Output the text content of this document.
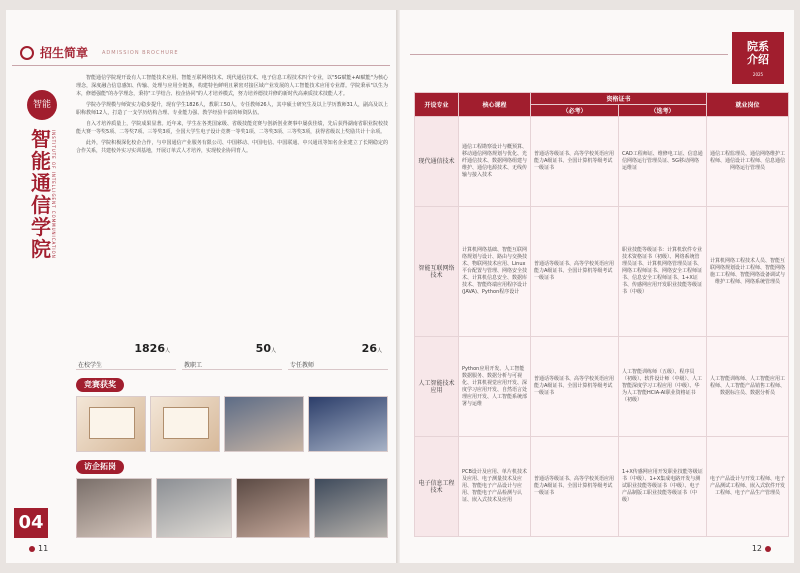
招生简章	ADMISSION BROCHURE
智能
智能通信学院 INSTITUTE OF INTELLIGENT COMMUNICATION
04

智能通信学院现开设有人工智能技术应用、智能互联网络技术、现代通信技术、电子信息工程技术四个专业，以"5G赋能+AI赋能"为核心理念，深度融合信息感知、传输、处理与应用全链条，构建特色鲜明且紧密对接区域产业发展的人工智能技术应用专业群。学院秉承"以生为本，修德强能"的办学理念，秉持"工学结合、校企协同"的人才培养模式，努力培养德技并修的新时代高素质技术技能人才。

学院办学规模与师资实力稳步提升，现有学生1826人，教职工50人，专任教师26人，其中硕士研究生及以上学历教师31人，副高及以上职称教师12人，打造了一支学历结构合理、专业能力强、教学经验丰富的师资队伍。

自入才培养质量上，学院成果显著。近年来，学生在各类国家级、省级技能竞赛与创新创业赛事中屡获佳绩，先后获得湖南省职业院校技能大赛一等奖5项、二等奖7项、三等奖3项，全国大学生电子设计竞赛一等奖1项、二等奖3项、三等奖3项，获得省级以上奖励共计十余项。

此外，学院积极深化校企合作，与中国通信产业服务有限公司、中国移动、中国电信、中国联通、中兴通讯等知名企业建立了长期稳定的合作关系，共建校外实习实训基地，开展订单式人才培养，实现校企协同育人。

1826人
在校学生
50人
教职工
26人
专任教师
竞赛获奖
访企拓岗
11
院系
介绍
2025
开设专业	核心课程	资格证书		就业岗位
		（必考）	（选考）	
现代通信技术	通信工程勘察设计与概预算、移动通信网络规划与优化、光纤通信技术、数据网络组建与维护、通信电源技术、无线传输与接入技术	普通话等级证书、高等学校英语应用能力A级证书、全国计算机等级考试一级证书	CAD工程师证、维修电工证、信息通信网络运行管理员证、5G移动网络运维证	通信工程监理员、通信网络维护工程师、通信设计工程师、信息通信网络运行管理员
智能互联网络技术	计算机网络基础、智能互联网络规划与设计、路由与交换技术、物联网技术应用、Linux平台配置与管理、网络安全技术、计算机信息安全、数据库技术、智能终端应用程序设计(JAVA)、Python程序设计	普通话等级证书、高等学校英语应用能力A级证书、全国计算机等级考试一级证书	职业技能等级证书：计算机软件专业技术资格证书（初级）、网络系统管理员证书、计算机网络管理员证书、网络工程师证书、网络安全工程师证书、信息安全工程师证书、1+X证书、传感网应用开发职业技能等级证书（中级）	计算机网络工程技术人员、智能互联网络规划设计工程师、智能网络施工工程师、智能网络设备调试与维护工程师、网络系统管理员
人工智能技术应用	Python应用开发、人工智能数据服务、数据分析与可视化、计算机视觉应用开发、深度学习应用开发、自然语言处理应用开发、人工智能系统部署与运维	普通话等级证书、高等学校英语应用能力A级证书、全国计算机等级考试一级证书	人工智能训练师（五级）、程序员（初级）、软件设计师（中级）、人工智能深度学习工程应用（中级）、华为人工智能HCIA-AI职业资格证书（初级）	人工智能训练师、人工智能应用工程师、人工智能产品销售工程师、数据标注员、数据分析员
电子信息工程技术	PCB设计及应用、单片机技术及应用、电子测量技术及应用、智能电子产品设计与应用、智能电子产品检测与认证、嵌入式技术及应用	普通话等级证书、高等学校英语应用能力A级证书、全国计算机等级考试一级证书	1+X传感网应用开发职业技能等级证书（中级）、1+X集成电路开发与测试职业技能等级证书（中级）、电子产品制版工职业技能等级证书（中级）	电子产品设计与开发工程师、电子产品测试工程师、嵌入式软件开发工程师、电子产品生产管理员
12
